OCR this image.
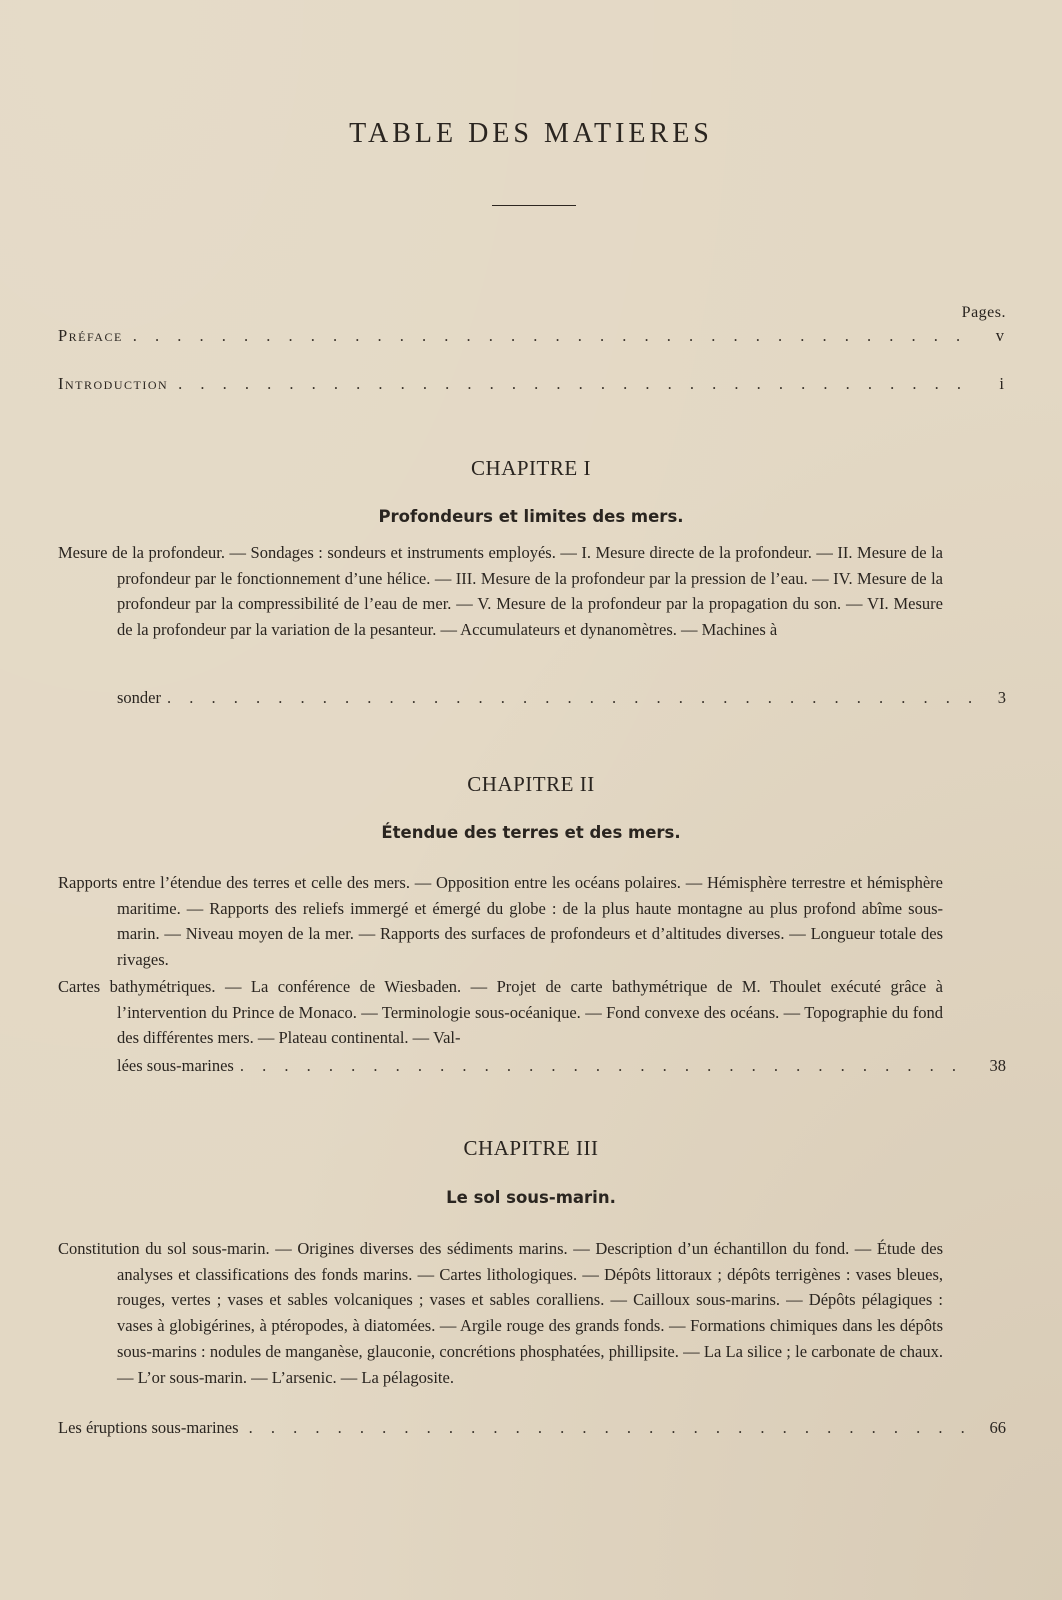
TABLE DES MATIERES
Pages.
Préface . . .	v
Introduction . . .	i
CHAPITRE I
Profondeurs et limites des mers.

Mesure de la profondeur. — Sondages : sondeurs et instruments employés. — I. Mesure directe de la profondeur. — II. Mesure de la profondeur par le fonctionnement d’une hélice. — III. Mesure de la profondeur par la pression de l’eau. — IV. Mesure de la profondeur par la compressibilité de l’eau de mer. — V. Mesure de la profondeur par la propagation du son. — VI. Mesure de la profondeur par la variation de la pesanteur. — Accumulateurs et dynanomètres. — Machines à

sonder . . .	3
CHAPITRE II
Étendue des terres et des mers.

Rapports entre l’étendue des terres et celle des mers. — Opposition entre les océans polaires. — Hémisphère terrestre et hémisphère maritime. — Rapports des reliefs immergé et émergé du globe : de la plus haute montagne au plus profond abîme sous-marin. — Niveau moyen de la mer. — Rapports des surfaces de profondeurs et d’altitudes diverses. — Longueur totale des rivages.

Cartes bathymétriques. — La conférence de Wiesbaden. — Projet de carte bathymétrique de M. Thoulet exécuté grâce à l’intervention du Prince de Monaco. — Terminologie sous-océanique. — Fond convexe des océans. — Topographie du fond des différentes mers. — Plateau continental. — Val-

lées sous-marines . . .	38
CHAPITRE III
Le sol sous-marin.

Constitution du sol sous-marin. — Origines diverses des sédiments marins. — Description d’un échantillon du fond. — Étude des analyses et classifications des fonds marins. — Cartes lithologiques. — Dépôts littoraux ; dépôts terrigènes : vases bleues, rouges, vertes ; vases et sables volcaniques ; vases et sables coralliens. — Cailloux sous-marins. — Dépôts pélagiques : vases à globigérines, à ptéropodes, à diatomées. — Argile rouge des grands fonds. — Formations chimiques dans les dépôts sous-marins : nodules de manganèse, glauconie, concrétions phosphatées, phillipsite. — La La silice ; le carbonate de chaux. — L’or sous-marin. — L’arsenic. — La pélagosite.

Les éruptions sous-marines . . .	66
